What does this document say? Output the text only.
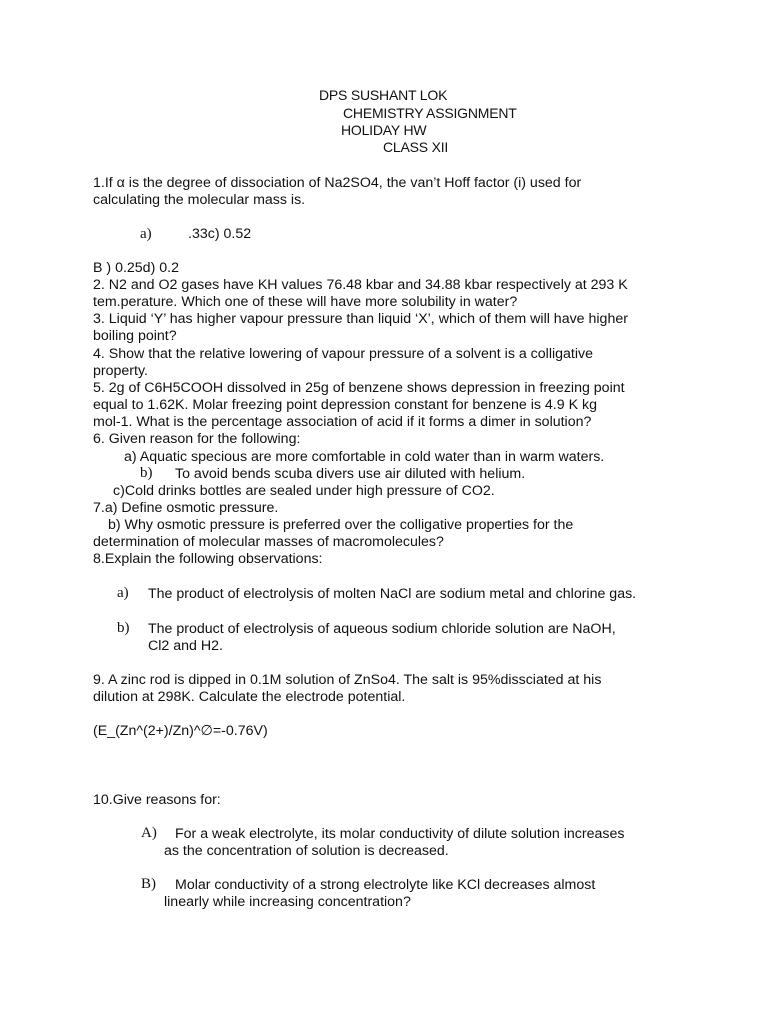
DPS SUSHANT LOK
CHEMISTRY ASSIGNMENT
HOLIDAY HW
CLASS XII
1.If α is the degree of dissociation of Na2SO4, the van’t Hoff factor (i) used for
calculating the molecular mass is.
a)	.33c) 0.52
B ) 0.25d) 0.2
2. N2 and O2 gases have KH values 76.48 kbar and 34.88 kbar respectively at 293 K
tem.perature. Which one of these will have more solubility in water?
3. Liquid ‘Y’ has higher vapour pressure than liquid ‘X’, which of them will have higher
boiling point?
4. Show that the relative lowering of vapour pressure of a solvent is a colligative
property.
5. 2g of C6H5COOH dissolved in 25g of benzene shows depression in freezing point
equal to 1.62K. Molar freezing point depression constant for benzene is 4.9 K kg
mol-1. What is the percentage association of acid if it forms a dimer in solution?
6. Given reason for the following:
a) Aquatic specious are more comfortable in cold water than in warm waters.
b) To avoid bends scuba divers use air diluted with helium.
c)Cold drinks bottles are sealed under high pressure of CO2.
7.a) Define osmotic pressure.
b) Why osmotic pressure is preferred over the colligative properties for the
determination of molecular masses of macromolecules?
8.Explain the following observations:
a) The product of electrolysis of molten NaCl are sodium metal and chlorine gas.
b) The product of electrolysis of aqueous sodium chloride solution are NaOH,
Cl2 and H2.
9. A zinc rod is dipped in 0.1M solution of ZnSo4. The salt is 95%dissciated at his
dilution at 298K. Calculate the electrode potential.
(E_(Zn^(2+)/Zn)^∅=-0.76V)
10.Give reasons for:
A) For a weak electrolyte, its molar conductivity of dilute solution increases
as the concentration of solution is decreased.
B) Molar conductivity of a strong electrolyte like KCl decreases almost
linearly while increasing concentration?
